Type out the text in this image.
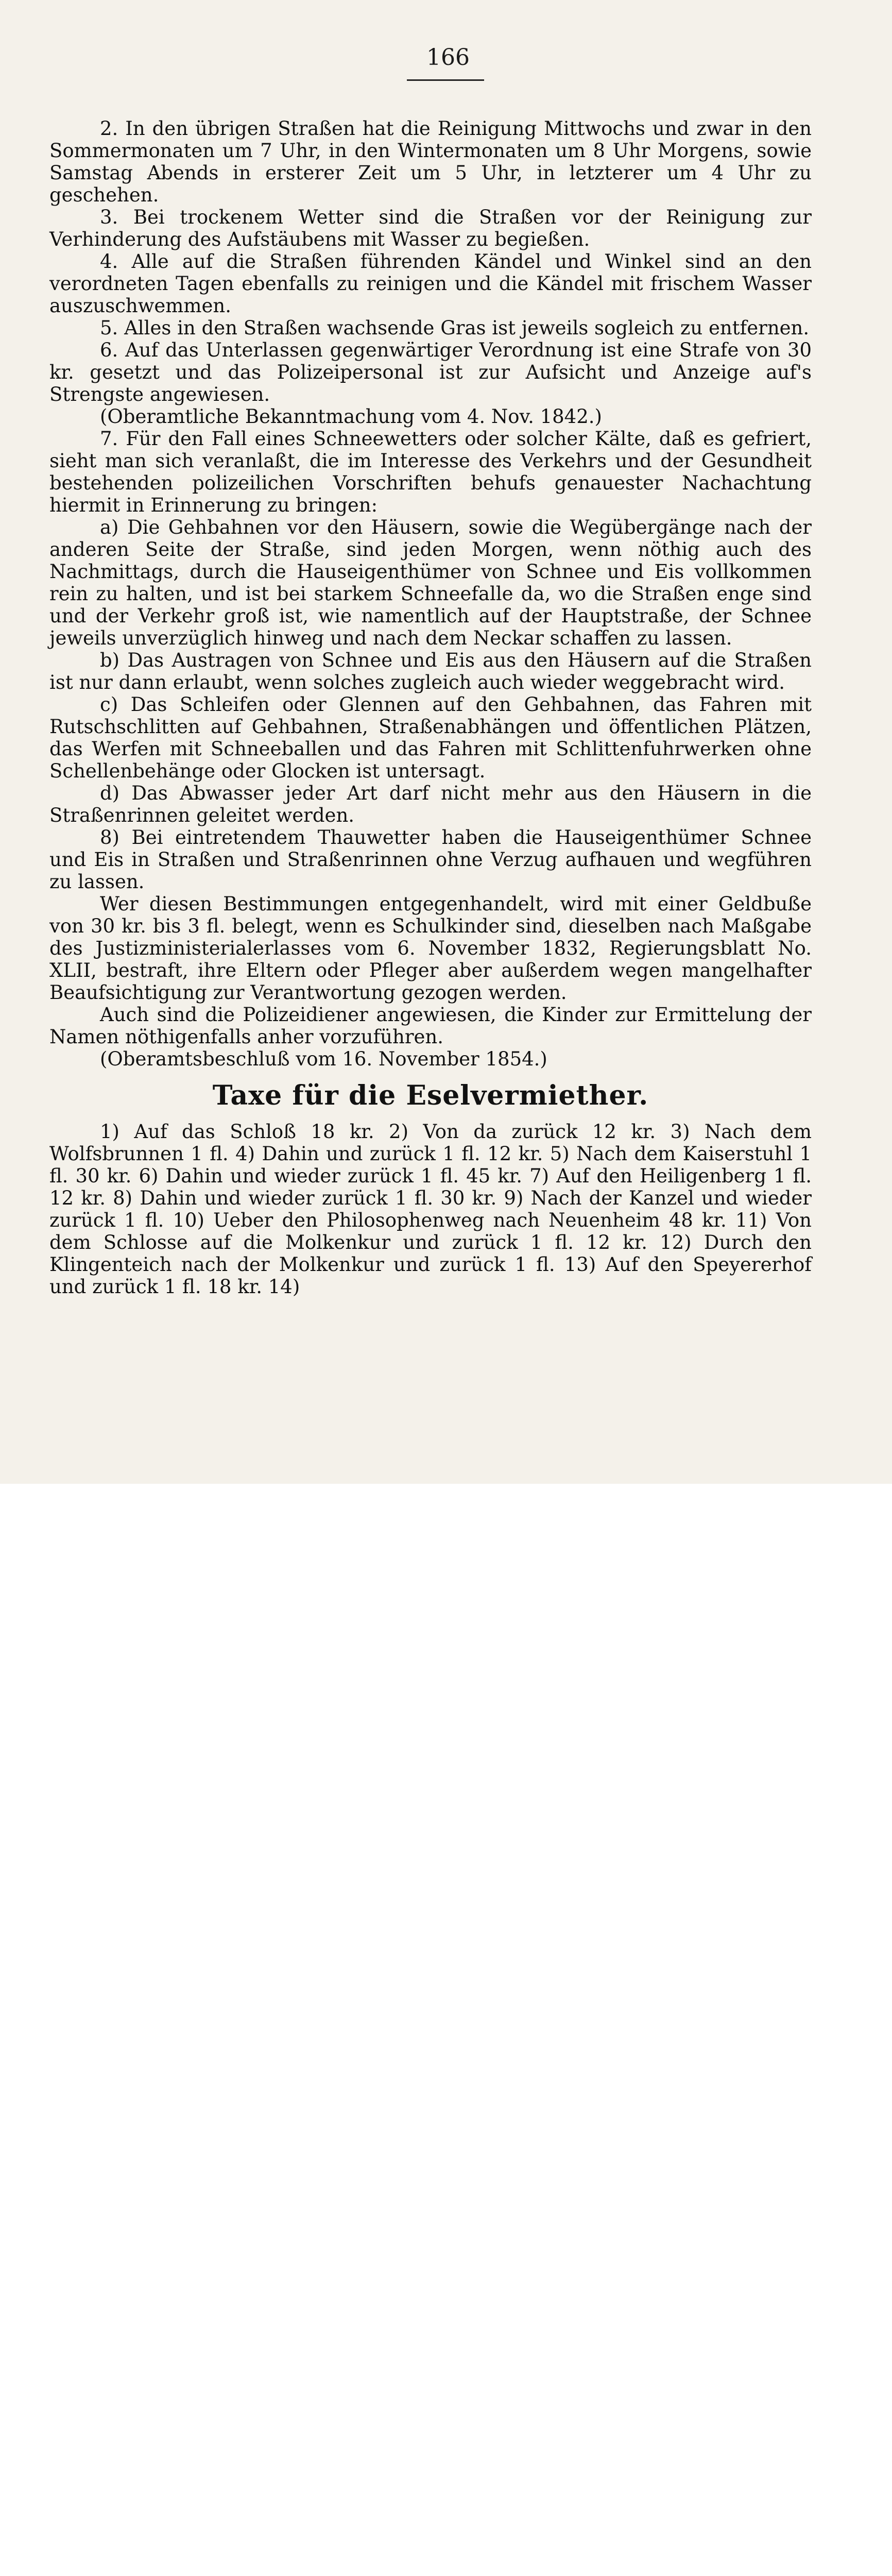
166

2. In den übrigen Straßen hat die Reinigung Mittwochs und zwar in den Sommermonaten um 7 Uhr, in den Wintermonaten um 8 Uhr Morgens, sowie Samstag Abends in ersterer Zeit um 5 Uhr, in letzterer um 4 Uhr zu geschehen.

3. Bei trockenem Wetter sind die Straßen vor der Reinigung zur Verhinderung des Aufstäubens mit Wasser zu begießen.

4. Alle auf die Straßen führenden Kändel und Winkel sind an den verordneten Tagen ebenfalls zu reinigen und die Kändel mit frischem Wasser auszuschwemmen.

5. Alles in den Straßen wachsende Gras ist jeweils sogleich zu entfernen.

6. Auf das Unterlassen gegenwärtiger Verordnung ist eine Strafe von 30 kr. gesetzt und das Polizeipersonal ist zur Aufsicht und Anzeige auf's Strengste angewiesen.

(Oberamtliche Bekanntmachung vom 4. Nov. 1842.)

7. Für den Fall eines Schneewetters oder solcher Kälte, daß es gefriert, sieht man sich veranlaßt, die im Interesse des Verkehrs und der Gesundheit bestehenden polizeilichen Vorschriften behufs genauester Nachachtung hiermit in Erinnerung zu bringen:

a) Die Gehbahnen vor den Häusern, sowie die Wegübergänge nach der anderen Seite der Straße, sind jeden Morgen, wenn nöthig auch des Nachmittags, durch die Hauseigenthümer von Schnee und Eis vollkommen rein zu halten, und ist bei starkem Schneefalle da, wo die Straßen enge sind und der Verkehr groß ist, wie namentlich auf der Hauptstraße, der Schnee jeweils unverzüglich hinweg und nach dem Neckar schaffen zu lassen.

b) Das Austragen von Schnee und Eis aus den Häusern auf die Straßen ist nur dann erlaubt, wenn solches zugleich auch wieder weggebracht wird.

c) Das Schleifen oder Glennen auf den Gehbahnen, das Fahren mit Rutschschlitten auf Gehbahnen, Straßenabhängen und öffentlichen Plätzen, das Werfen mit Schneeballen und das Fahren mit Schlittenfuhrwerken ohne Schellenbehänge oder Glocken ist untersagt.

d) Das Abwasser jeder Art darf nicht mehr aus den Häusern in die Straßenrinnen geleitet werden.

8) Bei eintretendem Thauwetter haben die Hauseigenthümer Schnee und Eis in Straßen und Straßenrinnen ohne Verzug aufhauen und wegführen zu lassen.

Wer diesen Bestimmungen entgegenhandelt, wird mit einer Geldbuße von 30 kr. bis 3 fl. belegt, wenn es Schulkinder sind, dieselben nach Maßgabe des Justizministerialerlasses vom 6. November 1832, Regierungsblatt No. XLII, bestraft, ihre Eltern oder Pfleger aber außerdem wegen mangelhafter Beaufsichtigung zur Verantwortung gezogen werden.

Auch sind die Polizeidiener angewiesen, die Kinder zur Ermittelung der Namen nöthigenfalls anher vorzuführen.

(Oberamtsbeschluß vom 16. November 1854.)

Taxe für die Eselvermiether.

1) Auf das Schloß 18 kr. 2) Von da zurück 12 kr. 3) Nach dem Wolfsbrunnen 1 fl. 4) Dahin und zurück 1 fl. 12 kr. 5) Nach dem Kaiserstuhl 1 fl. 30 kr. 6) Dahin und wieder zurück 1 fl. 45 kr. 7) Auf den Heiligenberg 1 fl. 12 kr. 8) Dahin und wieder zurück 1 fl. 30 kr. 9) Nach der Kanzel und wieder zurück 1 fl. 10) Ueber den Philosophenweg nach Neuenheim 48 kr. 11) Von dem Schlosse auf die Molkenkur und zurück 1 fl. 12 kr. 12) Durch den Klingenteich nach der Molkenkur und zurück 1 fl. 13) Auf den Speyererhof und zurück 1 fl. 18 kr. 14)
